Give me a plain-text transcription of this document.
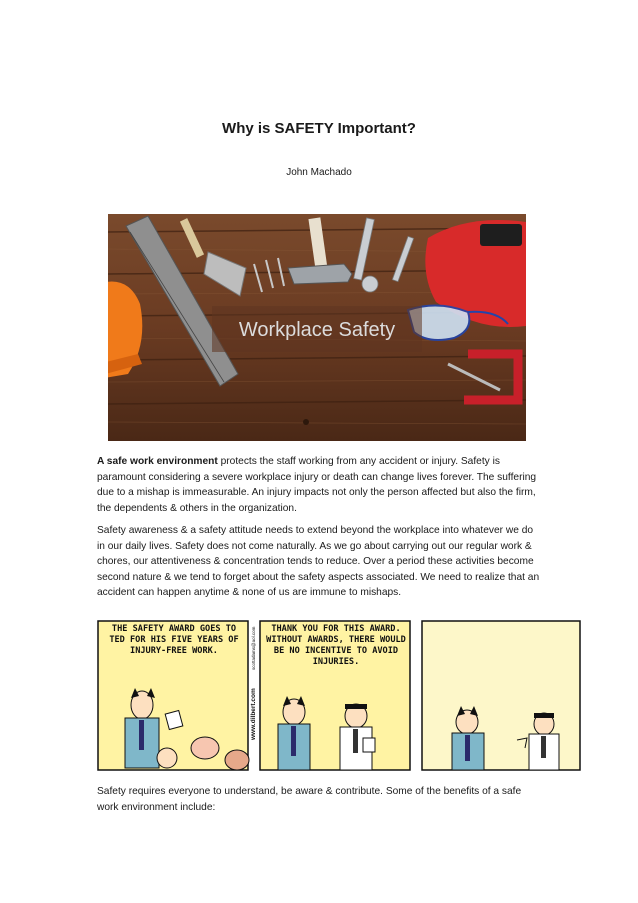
Why is SAFETY Important?
John Machado
Workplace Safety

A safe work environment protects the staff working from any accident or injury. Safety is paramount considering a severe workplace injury or death can change lives forever. The suffering due to a mishap is immeasurable. An injury impacts not only the person affected but also the firm, the dependents & others in the organization.

Safety awareness & a safety attitude needs to extend beyond the workplace into whatever we do in our daily lives. Safety does not come naturally. As we go about carrying out our regular work & chores, our attentiveness & concentration tends to reduce. Over a period these activities become second nature & we tend to forget about the safety aspects associated. We need to realize that an accident can happen anytime & none of us are immune to mishaps.

THE SAFETY AWARD GOES TO TED FOR HIS FIVE YEARS OF INJURY-FREE WORK.
www.dilbert.com
scottadams@aol.com	THANK YOU FOR THIS AWARD. WITHOUT AWARDS, THERE WOULD BE NO INCENTIVE TO AVOID INJURIES.

Safety requires everyone to understand, be aware & contribute. Some of the benefits of a safe work environment include:
